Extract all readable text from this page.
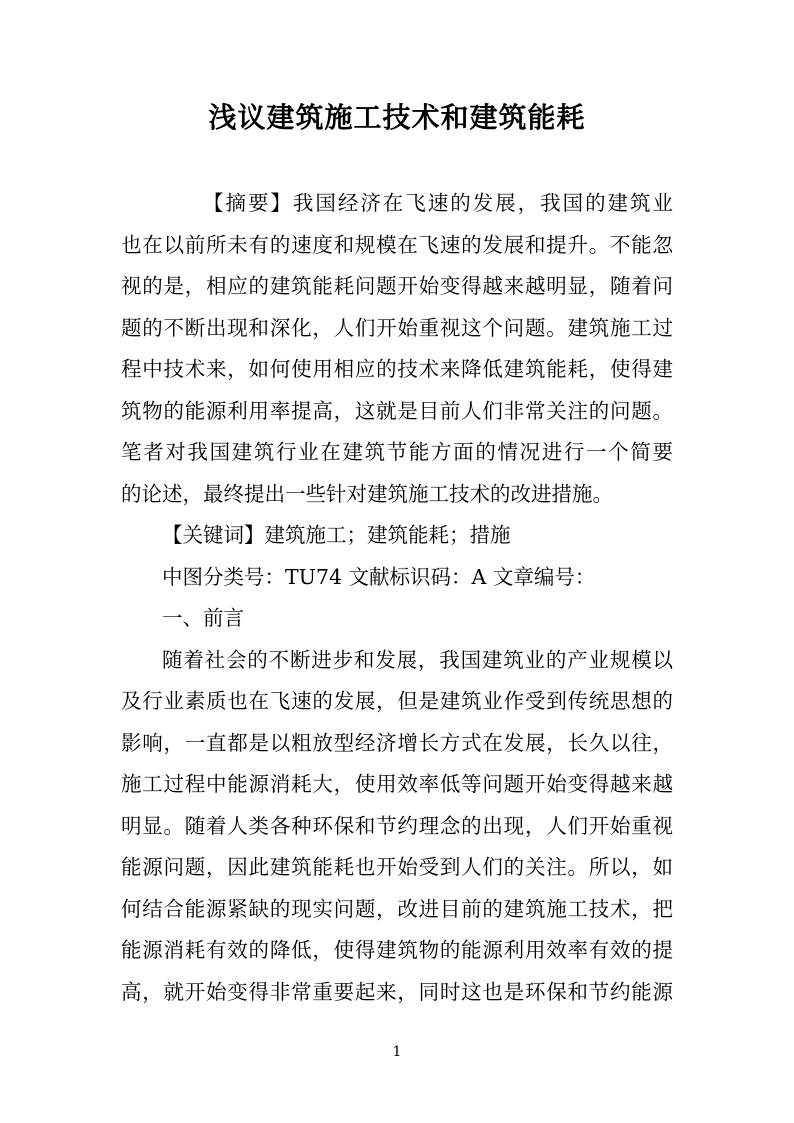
浅议建筑施工技术和建筑能耗
【摘要】我国经济在飞速的发展，我国的建筑业
也在以前所未有的速度和规模在飞速的发展和提升。不能忽
视的是，相应的建筑能耗问题开始变得越来越明显，随着问
题的不断出现和深化，人们开始重视这个问题。建筑施工过
程中技术来，如何使用相应的技术来降低建筑能耗，使得建
筑物的能源利用率提高，这就是目前人们非常关注的问题。
笔者对我国建筑行业在建筑节能方面的情况进行一个简要
的论述，最终提出一些针对建筑施工技术的改进措施。
【关键词】建筑施工；建筑能耗；措施
中图分类号：TU74 文献标识码：A 文章编号：
一、前言
随着社会的不断进步和发展，我国建筑业的产业规模以
及行业素质也在飞速的发展，但是建筑业作受到传统思想的
影响，一直都是以粗放型经济增长方式在发展，长久以往，
施工过程中能源消耗大，使用效率低等问题开始变得越来越
明显。随着人类各种环保和节约理念的出现，人们开始重视
能源问题，因此建筑能耗也开始受到人们的关注。所以，如
何结合能源紧缺的现实问题，改进目前的建筑施工技术，把
能源消耗有效的降低，使得建筑物的能源利用效率有效的提
高，就开始变得非常重要起来，同时这也是环保和节约能源
1
